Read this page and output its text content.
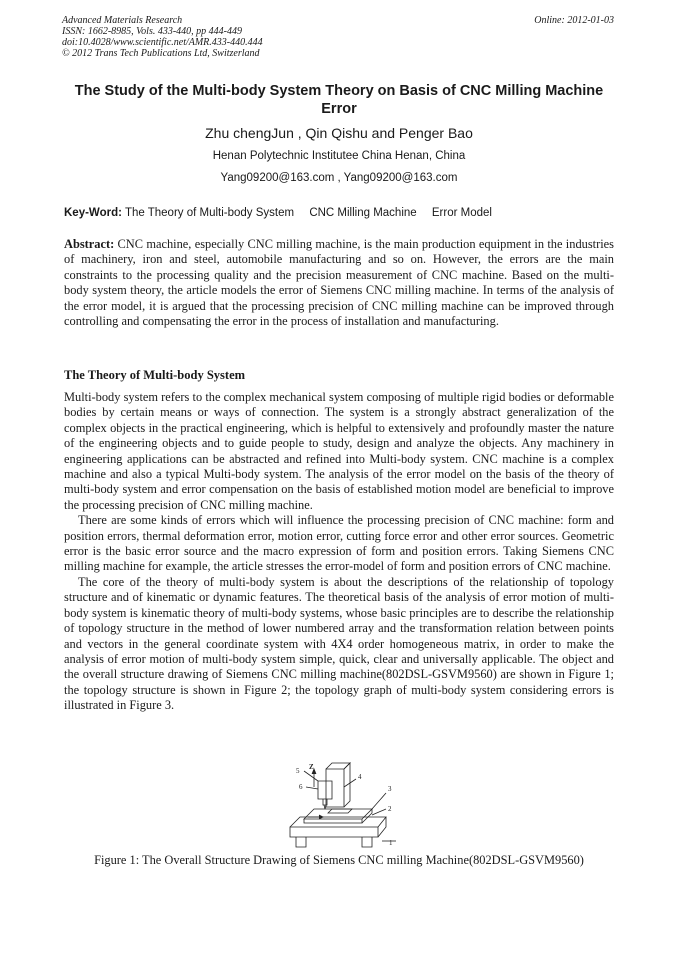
Advanced Materials Research
ISSN: 1662-8985, Vols. 433-440, pp 444-449
doi:10.4028/www.scientific.net/AMR.433-440.444
© 2012 Trans Tech Publications Ltd, Switzerland
Online: 2012-01-03
The Study of the Multi-body System Theory on Basis of CNC Milling Machine Error
Zhu chengJun , Qin Qishu and Penger Bao
Henan Polytechnic Institutee China Henan, China
Yang09200@163.com , Yang09200@163.com
Key-Word: The Theory of Multi-body System CNC Milling Machine Error Model
Abstract: CNC machine, especially CNC milling machine, is the main production equipment in the industries of machinery, iron and steel, automobile manufacturing and so on. However, the errors are the main constraints to the processing quality and the precision measurement of CNC machine. Based on the multi-body system theory, the article models the error of Siemens CNC milling machine. In terms of the analysis of the error model, it is argued that the processing precision of CNC milling machine can be improved through controlling and compensating the error in the process of installation and manufacturing.
The Theory of Multi-body System

Multi-body system refers to the complex mechanical system composing of multiple rigid bodies or deformable bodies by certain means or ways of connection. The system is a strongly abstract generalization of the complex objects in the practical engineering, which is helpful to extensively and profoundly master the nature of the engineering objects and to guide people to study, design and analyze the objects. Any machinery in engineering applications can be abstracted and refined into Multi-body system. CNC machine is a complex machine and also a typical Multi-body system. The analysis of the error model on the basis of the theory of multi-body system and error compensation on the basis of established motion model are beneficial to improve the processing precision of CNC milling machine.

There are some kinds of errors which will influence the processing precision of CNC machine: form and position errors, thermal deformation error, motion error, cutting force error and other error sources. Geometric error is the basic error source and the macro expression of form and position errors. Taking Siemens CNC milling machine for example, the article stresses the error-model of form and position errors of CNC machine.

The core of the theory of multi-body system is about the descriptions of the relationship of topology structure and of kinematic or dynamic features. The theoretical basis of the analysis of error motion of multi-body system is kinematic theory of multi-body systems, whose basic principles are to describe the relationship of topology structure in the method of lower numbered array and the transformation relation between points and vectors in the general coordinate system with 4X4 order homogeneous matrix, in order to make the analysis of error motion of multi-body system simple, quick, clear and universally applicable. The object and the overall structure drawing of Siemens CNC milling machine(802DSL-GSVM9560) are shown in Figure 1; the topology structure is shown in Figure 2; the topology graph of multi-body system considering errors is illustrated in Figure 3.

1
2
3
4
5
6
Z
Figure 1: The Overall Structure Drawing of Siemens CNC milling Machine(802DSL-GSVM9560)
